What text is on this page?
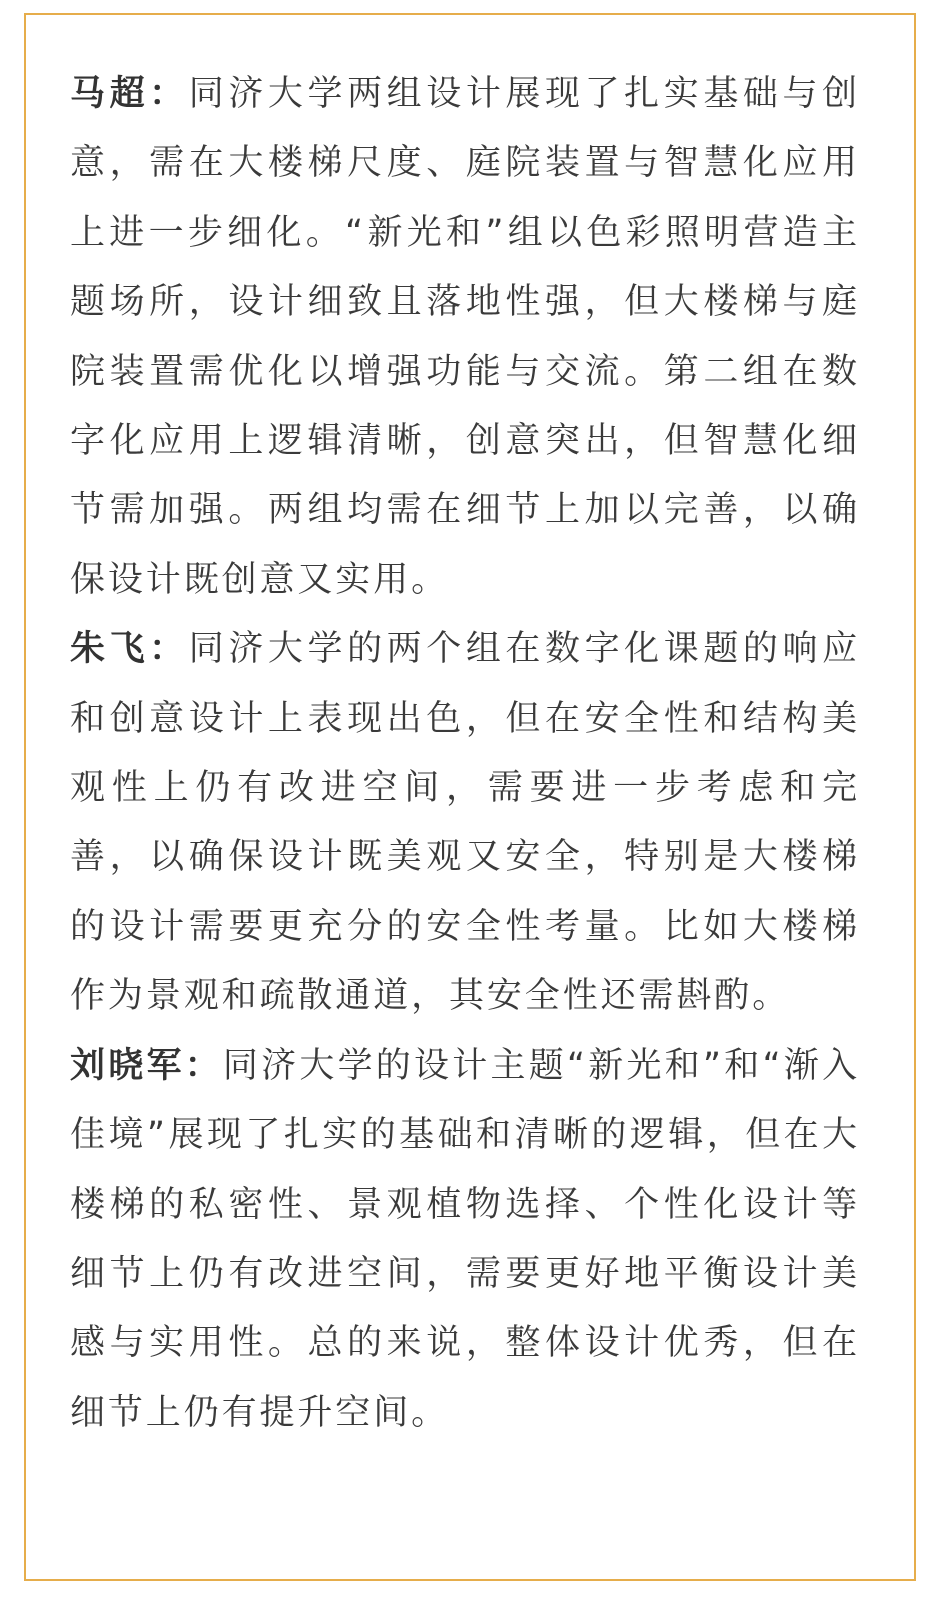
马超：同济大学两组设计展现了扎实基础与创意，需在大楼梯尺度、庭院装置与智慧化应用上进一步细化。“新光和”组以色彩照明营造主题场所，设计细致且落地性强，但大楼梯与庭院装置需优化以增强功能与交流。第二组在数字化应用上逻辑清晰，创意突出，但智慧化细节需加强。两组均需在细节上加以完善，以确保设计既创意又实用。

朱飞：同济大学的两个组在数字化课题的响应和创意设计上表现出色，但在安全性和结构美观性上仍有改进空间，需要进一步考虑和完善，以确保设计既美观又安全，特别是大楼梯的设计需要更充分的安全性考量。比如大楼梯作为景观和疏散通道，其安全性还需斟酌。

刘晓军：同济大学的设计主题“新光和”和“渐入佳境”展现了扎实的基础和清晰的逻辑，但在大楼梯的私密性、景观植物选择、个性化设计等细节上仍有改进空间，需要更好地平衡设计美感与实用性。总的来说，整体设计优秀，但在细节上仍有提升空间。
